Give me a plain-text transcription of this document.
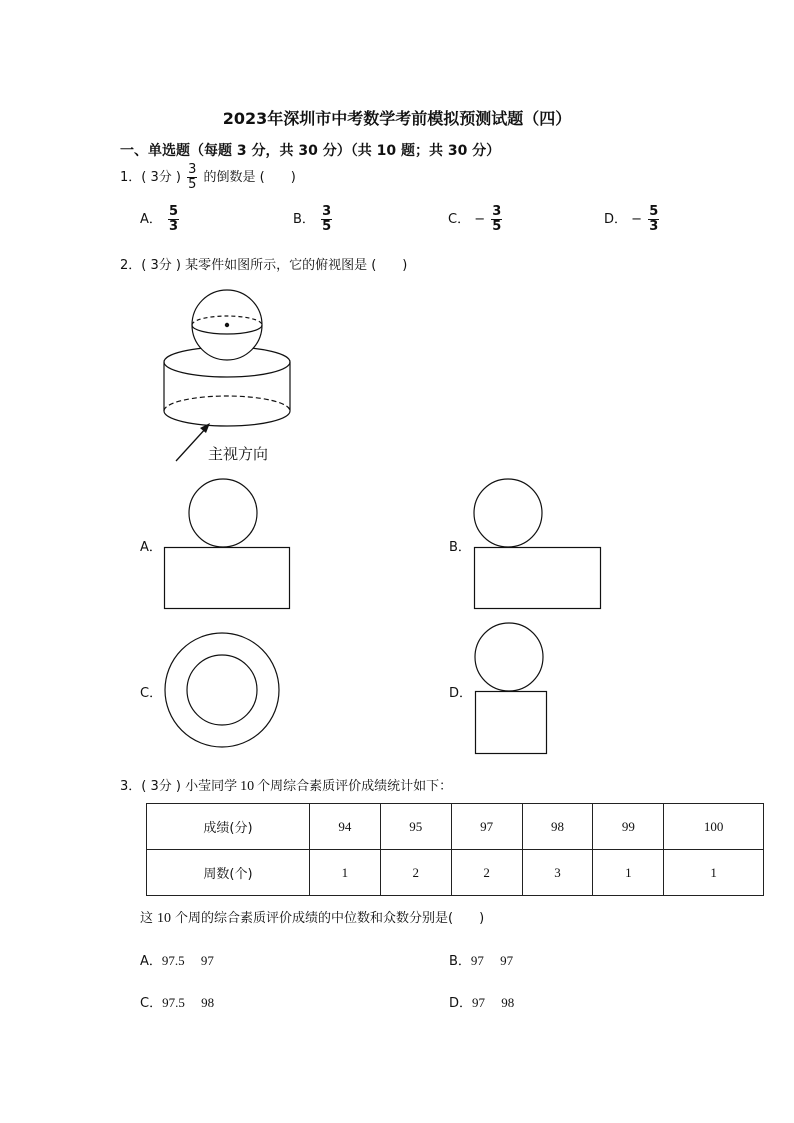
2023年深圳市中考数学考前模拟预测试题（四）
一、单选题（每题 3 分，共 30 分）（共 10 题；共 30 分）
1．( 3分 ) $\frac{3}{5}$ 的倒数是 (　　)
A． $\frac{5}{3}$	B． $\frac{3}{5}$	C． − $\frac{3}{5}$	D． − $\frac{5}{3}$
2．( 3分 ) 某零件如图所示，它的俯视图是 (　　)
主视方向
A．	B．
C．	D．
3．( 3分 ) 小莹同学 10 个周综合素质评价成绩统计如下：
成绩(分)	94	95	97	98	99	100
周数(个)	1	2	2	3	1	1
这 10 个周的综合素质评价成绩的中位数和众数分别是(　　)
A．97.5　 97	B．97　 97
C．97.5　 98	D．97　 98
